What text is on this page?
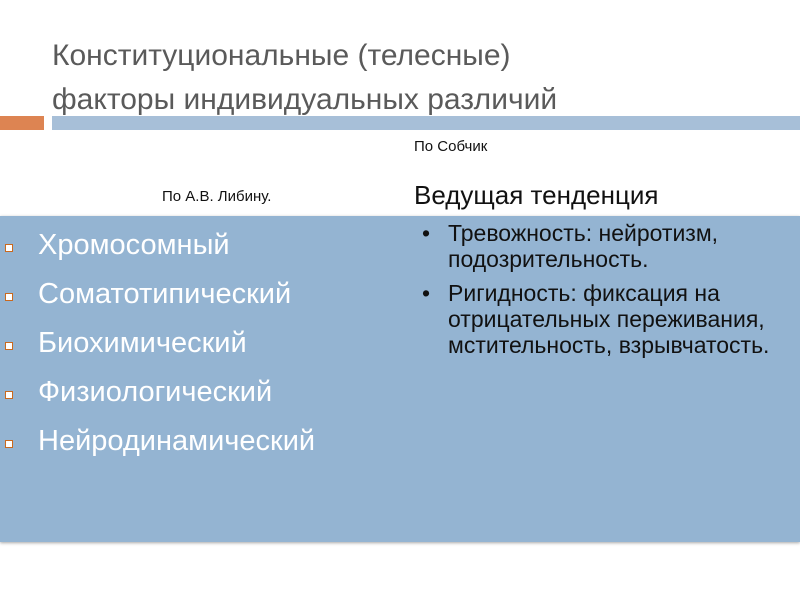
Конституциональные (телесные)
факторы индивидуальных различий
По Собчик
По А.В. Либину.	Ведущая тенденция
Хромосомный
Соматотипический
Биохимический
Физиологический
Нейродинамический
• Тревожность: нейротизм, подозрительность.
• Ригидность: фиксация на отрицательных переживания, мстительность, взрывчатость.
